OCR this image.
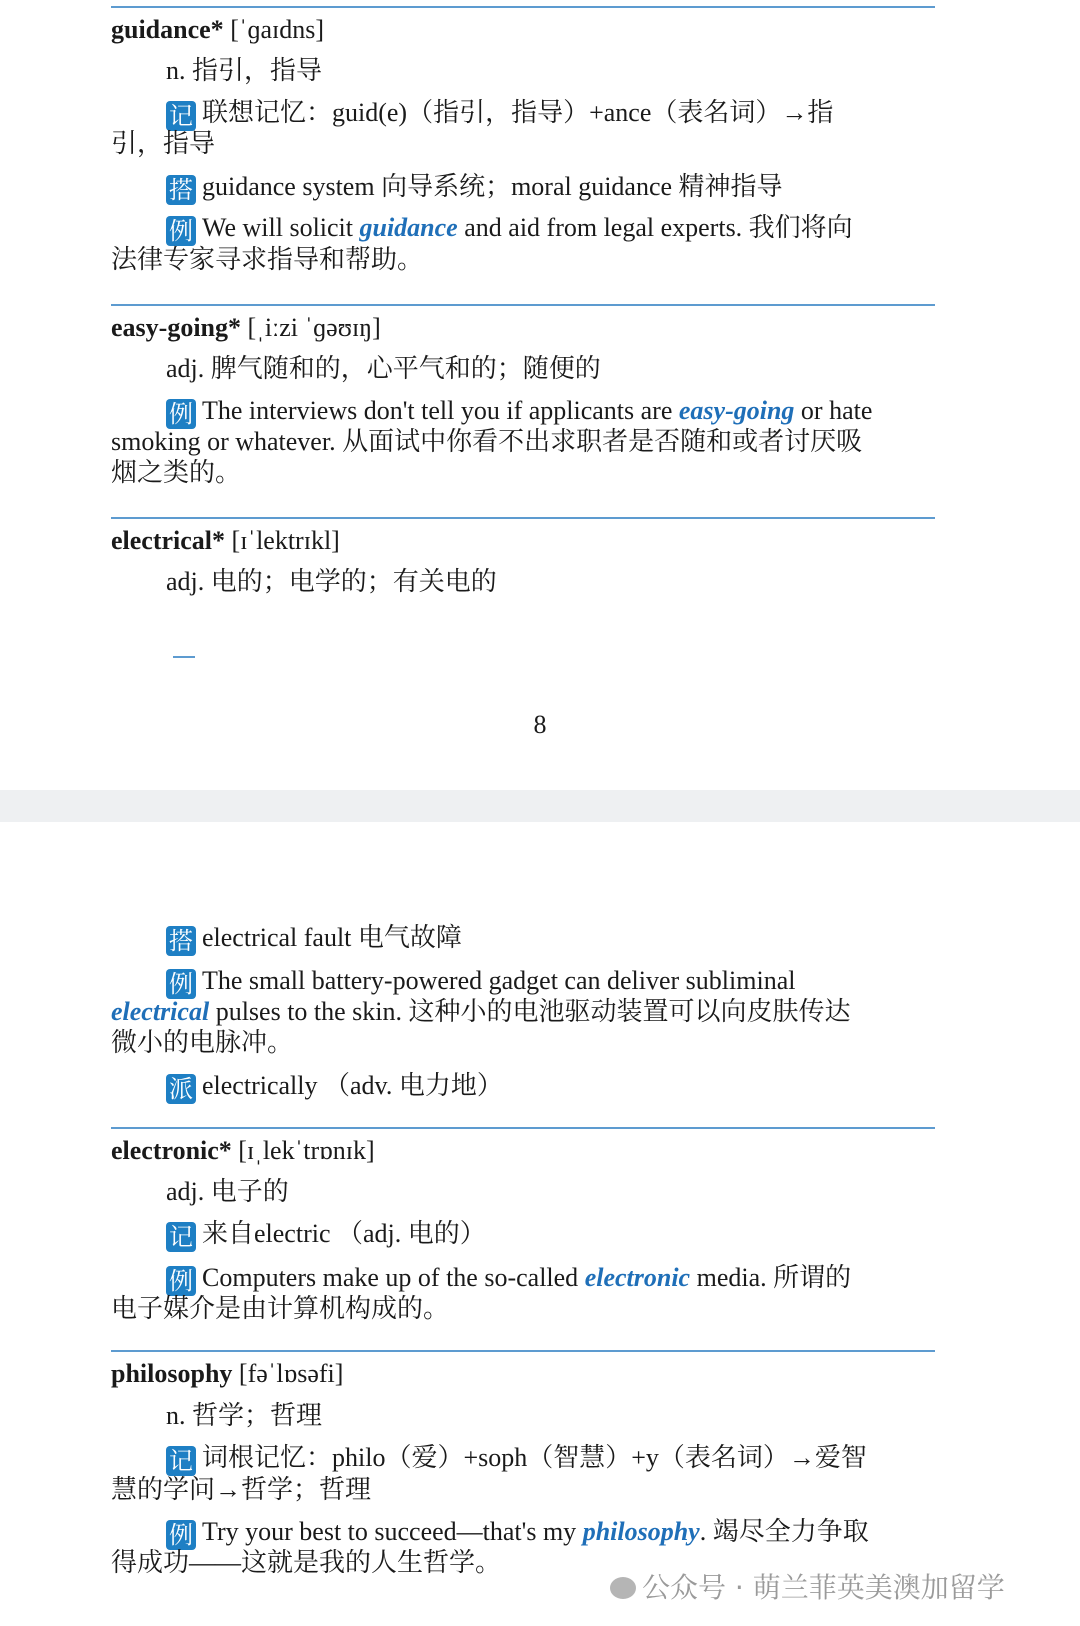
guidance* [ˈɡaɪdns]
n. 指引，指导
记 联想记忆：guid(e)（指引，指导）+ance（表名词）→指
引，指导
搭 guidance system 向导系统；moral guidance 精神指导
例 We will solicit guidance and aid from legal experts. 我们将向
法律专家寻求指导和帮助。
easy-going* [ˌiːzi ˈɡəʊɪŋ]
adj. 脾气随和的，心平气和的；随便的
例 The interviews don't tell you if applicants are easy-going or hate
smoking or whatever. 从面试中你看不出求职者是否随和或者讨厌吸
烟之类的。
electrical* [ɪˈlektrɪkl]
adj. 电的；电学的；有关电的
8
搭 electrical fault 电气故障
例 The small battery-powered gadget can deliver subliminal
electrical pulses to the skin. 这种小的电池驱动装置可以向皮肤传达
微小的电脉冲。
派 electrically （adv. 电力地）
electronic* [ɪˌlekˈtrɒnɪk]
adj. 电子的
记 来自electric （adj. 电的）
例 Computers make up of the so-called electronic media. 所谓的
电子媒介是由计算机构成的。
philosophy [fəˈlɒsəfi]
n. 哲学；哲理
记 词根记忆：philo（爱）+soph（智慧）+y（表名词）→爱智
慧的学问→哲学；哲理
例 Try your best to succeed—that's my philosophy. 竭尽全力争取
得成功——这就是我的人生哲学。
公众号 · 萌兰菲英美澳加留学
